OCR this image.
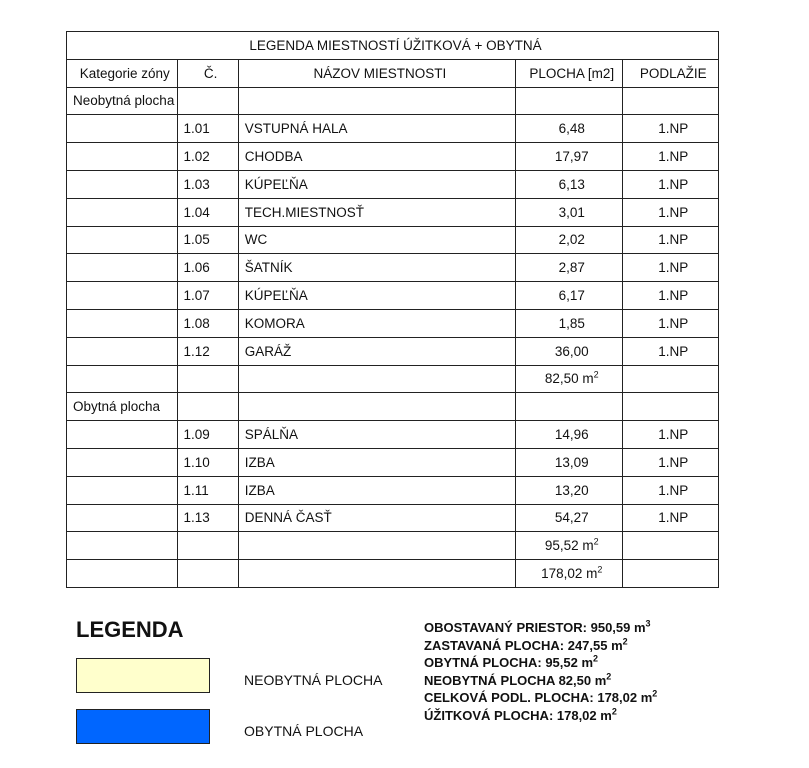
LEGENDA MIESTNOSTÍ ÚŽITKOVÁ + OBYTNÁ				
Kategorie zóny	Č.	NÁZOV MIESTNOSTI	PLOCHA [m2]	PODLAŽIE
Neobytná plocha				
	1.01	VSTUPNÁ HALA	6,48	1.NP
	1.02	CHODBA	17,97	1.NP
	1.03	KÚPEĽŇA	6,13	1.NP
	1.04	TECH.MIESTNOSŤ	3,01	1.NP
	1.05	WC	2,02	1.NP
	1.06	ŠATNÍK	2,87	1.NP
	1.07	KÚPEĽŇA	6,17	1.NP
	1.08	KOMORA	1,85	1.NP
	1.12	GARÁŽ	36,00	1.NP
			82,50 $m^2$	
Obytná plocha				
	1.09	SPÁLŇA	14,96	1.NP
	1.10	IZBA	13,09	1.NP
	1.11	IZBA	13,20	1.NP
	1.13	DENNÁ ČASŤ	54,27	1.NP
			95,52 $m^2$	
			178,02 $m^2$	
LEGENDA
NEOBYTNÁ PLOCHA
OBYTNÁ PLOCHA
OBOSTAVANÝ PRIESTOR: 950,59 $m^3$
ZASTAVANÁ PLOCHA: 247,55 $m^2$
OBYTNÁ PLOCHA: 95,52 $m^2$
NEOBYTNÁ PLOCHA 82,50 $m^2$
CELKOVÁ PODL. PLOCHA: 178,02 $m^2$
ÚŽITKOVÁ PLOCHA: 178,02 $m^2$
